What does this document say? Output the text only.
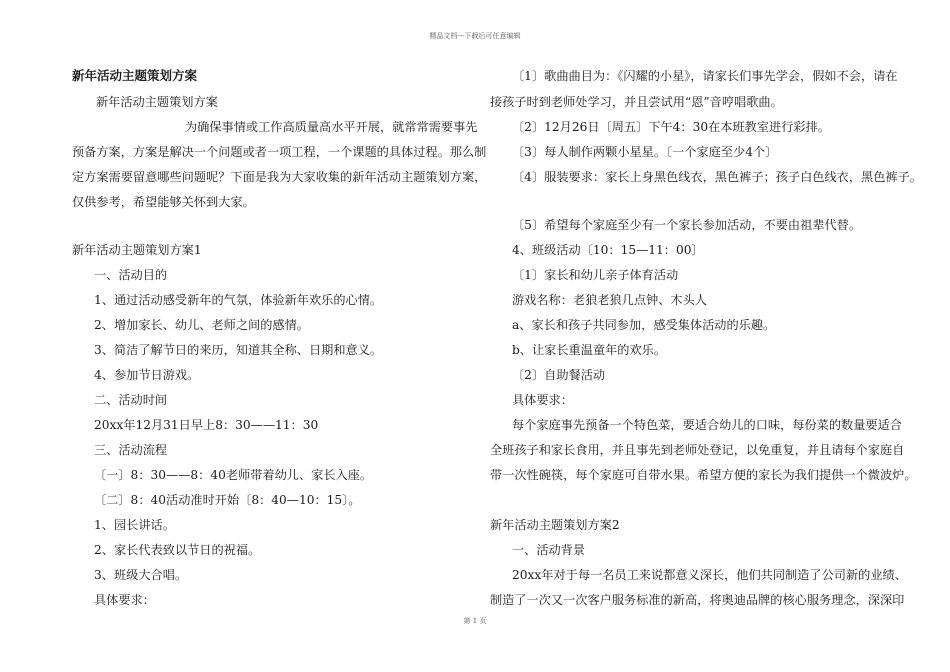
精品文档---下载后可任意编辑
新年活动主题策划方案
新年活动主题策划方案
为确保事情或工作高质量高水平开展，就常常需要事先
预备方案，方案是解决一个问题或者一项工程，一个课题的具体过程。那么制
定方案需要留意哪些问题呢？下面是我为大家收集的新年活动主题策划方案，
仅供参考，希望能够关怀到大家。
新年活动主题策划方案1
一、活动目的
1、通过活动感受新年的气氛，体验新年欢乐的心情。
2、增加家长、幼儿、老师之间的感情。
3、简洁了解节日的来历，知道其全称、日期和意义。
4、参加节日游戏。
二、活动时间
20xx年12月31日早上8：30——11：30
三、活动流程
〔一〕8：30——8：40老师带着幼儿、家长入座。
〔二〕8：40活动准时开始〔8：40—10：15〕。
1、园长讲话。
2、家长代表致以节日的祝福。
3、班级大合唱。
具体要求：
〔1〕歌曲曲目为：《闪耀的小星》，请家长们事先学会，假如不会，请在
接孩子时到老师处学习，并且尝试用“恩”音哼唱歌曲。
〔2〕12月26日〔周五〕下午4：30在本班教室进行彩排。
〔3〕每人制作两颗小星星。〔一个家庭至少4个〕
〔4〕服装要求：家长上身黑色线衣，黑色裤子；孩子白色线衣，黑色裤子。
〔5〕希望每个家庭至少有一个家长参加活动，不要由祖辈代替。
4、班级活动〔10：15—11：00〕
〔1〕家长和幼儿亲子体育活动
游戏名称：老狼老狼几点钟、木头人
a、家长和孩子共同参加，感受集体活动的乐趣。
b、让家长重温童年的欢乐。
〔2〕自助餐活动
具体要求：
每个家庭事先预备一个特色菜，要适合幼儿的口味，每份菜的数量要适合
全班孩子和家长食用，并且事先到老师处登记，以免重复，并且请每个家庭自
带一次性碗筷，每个家庭可自带水果。希望方便的家长为我们提供一个微波炉。
新年活动主题策划方案2
一、活动背景
20xx年对于每一名员工来说都意义深长，他们共同制造了公司新的业绩、
制造了一次又一次客户服务标准的新高，将奥迪品牌的核心服务理念，深深印
第 1 页
